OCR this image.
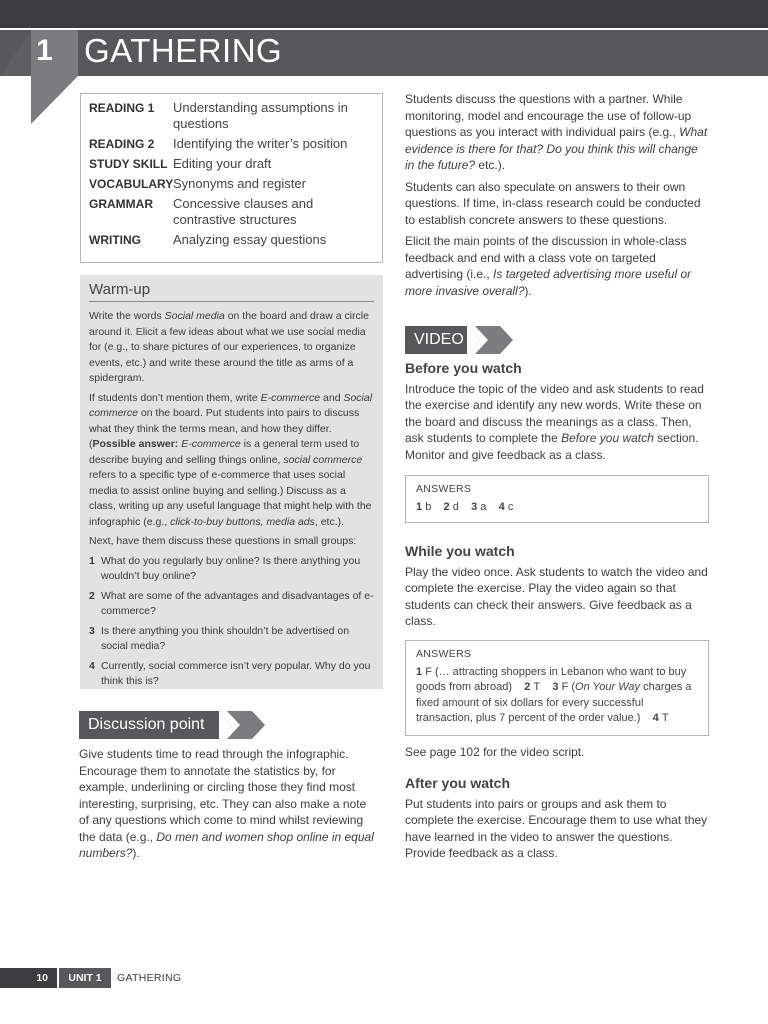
1 GATHERING
READING 1	Understanding assumptions in questions
READING 2	Identifying the writer’s position
STUDY SKILL Editing your draft
VOCABULARY Synonyms and register
GRAMMAR	Concessive clauses and contrastive structures
WRITING	Analyzing essay questions
Warm-up

Write the words Social media on the board and draw a circle around it. Elicit a few ideas about what we use social media for (e.g., to share pictures of our experiences, to organize events, etc.) and write these around the title as arms of a spidergram.

If students don’t mention them, write E-commerce and Social commerce on the board. Put students into pairs to discuss what they think the terms mean, and how they differ. (Possible answer: E-commerce is a general term used to describe buying and selling things online, social commerce refers to a specific type of e-commerce that uses social media to assist online buying and selling.) Discuss as a class, writing up any useful language that might help with the infographic (e.g., click-to-buy buttons, media ads, etc.).

Next, have them discuss these questions in small groups:

1 What do you regularly buy online? Is there anything you wouldn’t buy online?
2 What are some of the advantages and disadvantages of e-commerce?
3 Is there anything you think shouldn’t be advertised on social media?
4 Currently, social commerce isn’t very popular. Why do you think this is?
Discussion point

Give students time to read through the infographic. Encourage them to annotate the statistics by, for example, underlining or circling those they find most interesting, surprising, etc. They can also make a note of any questions which come to mind whilst reviewing the data (e.g., Do men and women shop online in equal numbers?).

Students discuss the questions with a partner. While monitoring, model and encourage the use of follow-up questions as you interact with individual pairs (e.g., What evidence is there for that? Do you think this will change in the future? etc.).

Students can also speculate on answers to their own questions. If time, in-class research could be conducted to establish concrete answers to these questions.

Elicit the main points of the discussion in whole-class feedback and end with a class vote on targeted advertising (i.e., Is targeted advertising more useful or more invasive overall?).

VIDEO
Before you watch

Introduce the topic of the video and ask students to read the exercise and identify any new words. Write these on the board and discuss the meanings as a class. Then, ask students to complete the Before you watch section. Monitor and give feedback as a class.

ANSWERS
1 b 2 d 3 a 4 c
While you watch

Play the video once. Ask students to watch the video and complete the exercise. Play the video again so that students can check their answers. Give feedback as a class.

ANSWERS
1 F (… attracting shoppers in Lebanon who want to buy goods from abroad) 2 T 3 F (On Your Way charges a fixed amount of six dollars for every successful transaction, plus 7 percent of the order value.) 4 T
See page 102 for the video script.
After you watch

Put students into pairs or groups and ask them to complete the exercise. Encourage them to use what they have learned in the video to answer the questions. Provide feedback as a class.

10	UNIT 1	GATHERING
